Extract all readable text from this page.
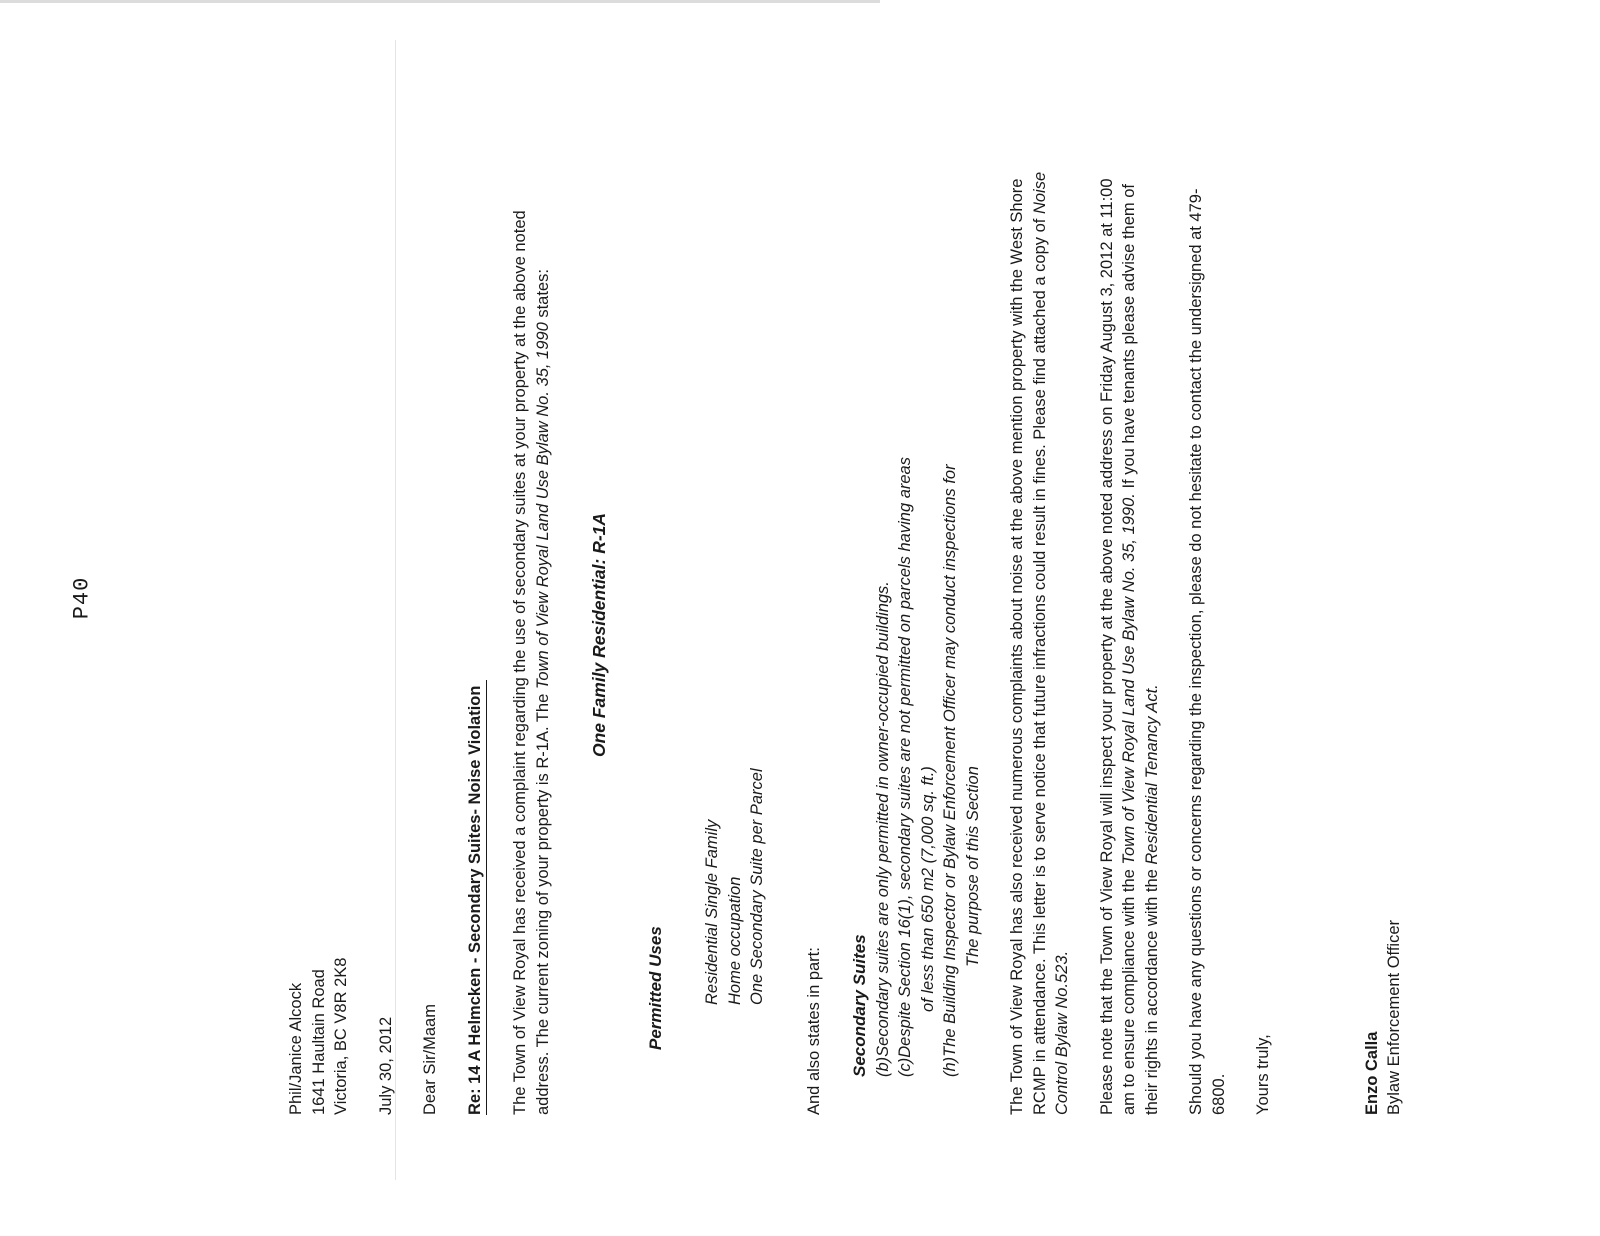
P40

Phil/Janice Alcock 1641 Haultain Road Victoria, BC V8R 2K8 July 30, 2012 Dear Sir/Maam Re: 14 A Helmcken - Secondary Suites- Noise Violation The Town of View Royal has received a complaint regarding the use of secondary suites at your property at the above noted address. The current zoning of your property is R-1A. The Town of View Royal Land Use Bylaw No. 35, 1990 states:

One Family Residential: R-1A

Permitted Uses Residential Single Family Home occupation One Secondary Suite per Parcel

And also states in part: Secondary Suites (b)Secondary suites are only permitted in owner-occupied buildings. (c)Despite Section 16(1), secondary suites are not permitted on parcels having areas of less than 650 m2 (7,000 sq. ft.) (h)The Building Inspector or Bylaw Enforcement Officer may conduct inspections for The purpose of this Section The Town of View Royal has also received numerous complaints about noise at the above mention property with the West Shore RCMP in attendance. This letter is to serve notice that future infractions could result in fines. Please find attached a copy of Noise Control Bylaw No.523. Please note that the Town of View Royal will inspect your property at the above noted address on Friday August 3, 2012 at 11:00 am to ensure compliance with the Town of View Royal Land Use Bylaw No. 35, 1990. If you have tenants please advise them of their rights in accordance with the Residential Tenancy Act. Should you have any questions or concerns regarding the inspection, please do not hesitate to contact the undersigned at 479-6800. Yours truly,	Enzo Calla Bylaw Enforcement Officer
